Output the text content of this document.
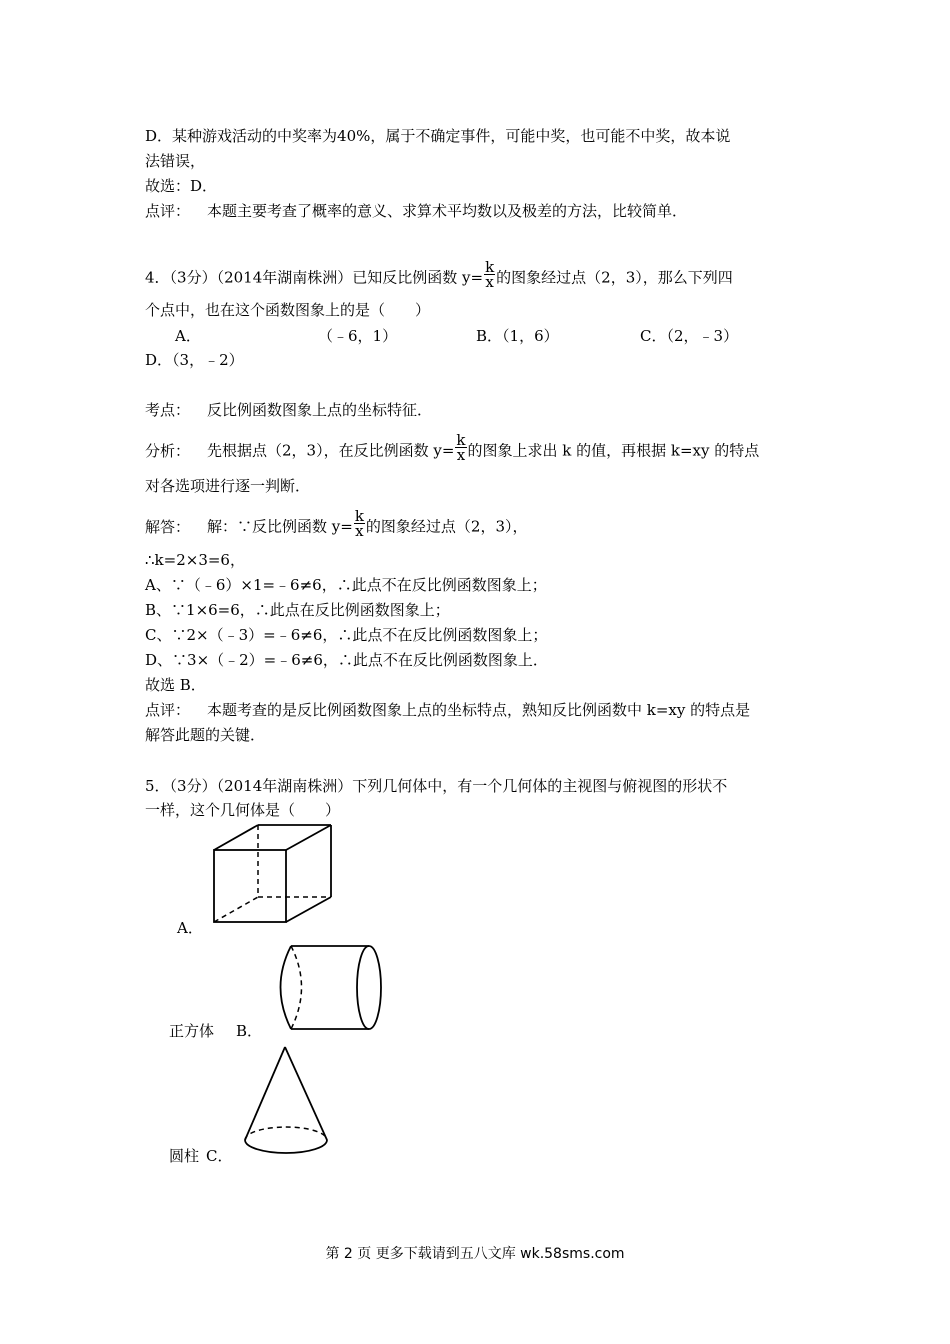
D．某种游戏活动的中奖率为40%，属于不确定事件，可能中奖，也可能不中奖，故本说
法错误，
故选：D．
点评： 本题主要考查了概率的意义、求算术平均数以及极差的方法，比较简单．
4．（3分）（2014年湖南株洲）已知反比例函数 $y= \frac{k}{x}$ 的图象经过点（2，3），那么下列四
个点中，也在这个函数图象上的是（　　）
A．	（﹣6，1）	B．（1，6）	C．（2，﹣3）
D．（3，﹣2）
考点： 反比例函数图象上点的坐标特征．
分析： 先根据点（2，3），在反比例函数 $y= \frac{k}{x}$ 的图象上求出 k 的值，再根据 k=xy 的特点
对各选项进行逐一判断．
解答： 解：∵反比例函数 $y= \frac{k}{x}$ 的图象经过点（2，3），
∴k=2×3=6，
A、∵（﹣6）×1=﹣6≠6，∴此点不在反比例函数图象上；
B、∵1×6=6，∴此点在反比例函数图象上；
C、∵2×（﹣3）=﹣6≠6，∴此点不在反比例函数图象上；
D、∵3×（﹣2）=﹣6≠6，∴此点不在反比例函数图象上．
故选 B．
点评： 本题考查的是反比例函数图象上点的坐标特点，熟知反比例函数中 k=xy 的特点是
解答此题的关键．
5．（3分）（2014年湖南株洲）下列几何体中，有一个几何体的主视图与俯视图的形状不
一样，这个几何体是（　　）
A．
正方体 B．
圆柱 C．
第 2 页 更多下载请到五八文库 wk.58sms.com
